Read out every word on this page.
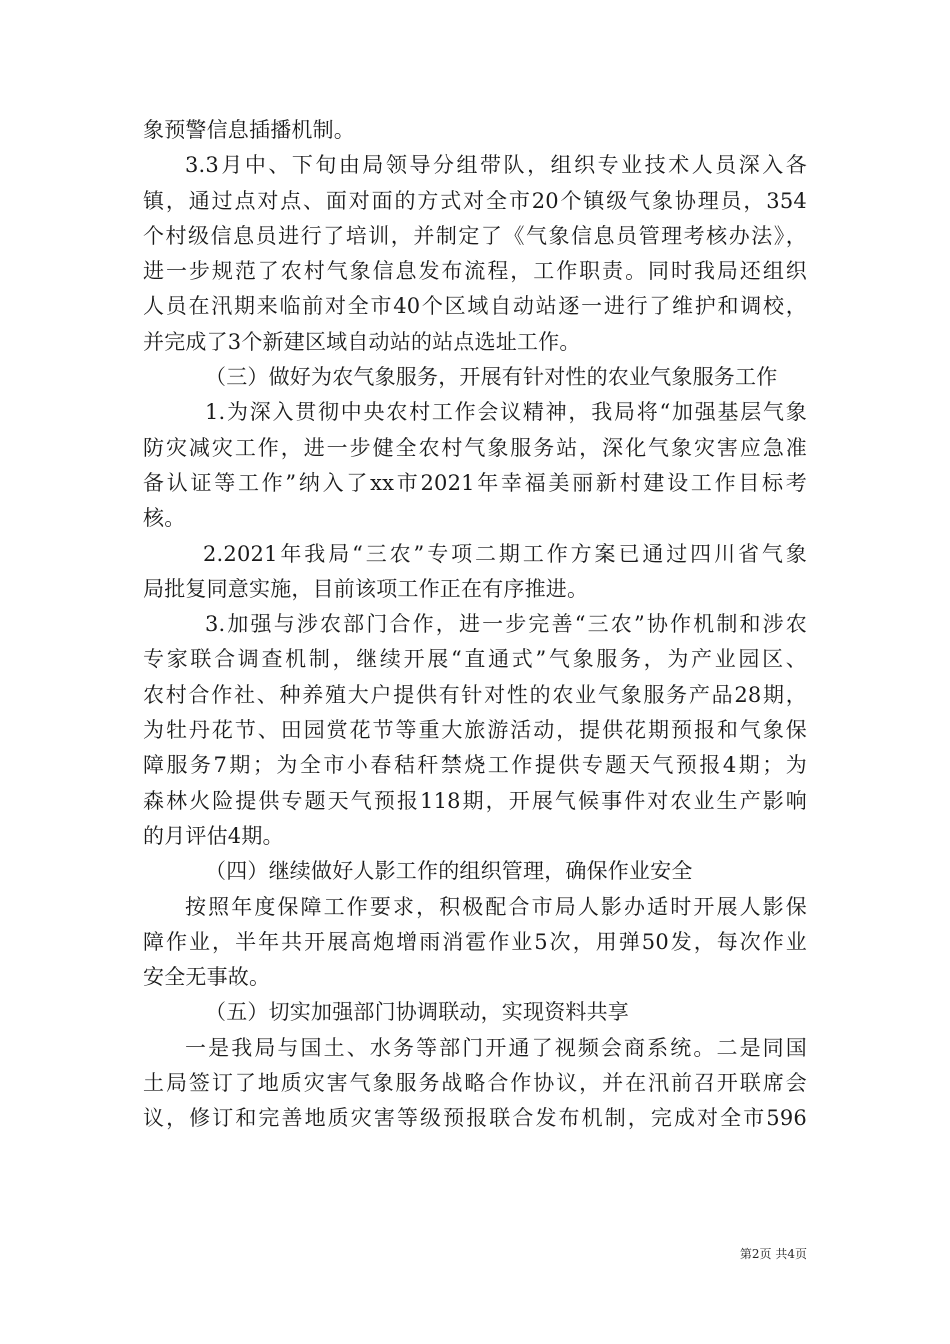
象预警信息插播机制。
3.3月中、下旬由局领导分组带队，组织专业技术人员深入各
镇，通过点对点、面对面的方式对全市20个镇级气象协理员，354
个村级信息员进行了培训，并制定了《气象信息员管理考核办法》，
进一步规范了农村气象信息发布流程，工作职责。同时我局还组织
人员在汛期来临前对全市40个区域自动站逐一进行了维护和调校，
并完成了3个新建区域自动站的站点选址工作。
（三）做好为农气象服务，开展有针对性的农业气象服务工作
1.为深入贯彻中央农村工作会议精神，我局将“加强基层气象
防灾减灾工作，进一步健全农村气象服务站，深化气象灾害应急准
备认证等工作”纳入了xx市2021年幸福美丽新村建设工作目标考
核。
2.2021年我局“三农”专项二期工作方案已通过四川省气象
局批复同意实施，目前该项工作正在有序推进。
3.加强与涉农部门合作，进一步完善“三农”协作机制和涉农
专家联合调查机制，继续开展“直通式”气象服务，为产业园区、
农村合作社、种养殖大户提供有针对性的农业气象服务产品28期，
为牡丹花节、田园赏花节等重大旅游活动，提供花期预报和气象保
障服务7期；为全市小春秸秆禁烧工作提供专题天气预报4期；为
森林火险提供专题天气预报118期，开展气候事件对农业生产影响
的月评估4期。
（四）继续做好人影工作的组织管理，确保作业安全
按照年度保障工作要求，积极配合市局人影办适时开展人影保
障作业，半年共开展高炮增雨消雹作业5次，用弹50发，每次作业
安全无事故。
（五）切实加强部门协调联动，实现资料共享
一是我局与国土、水务等部门开通了视频会商系统。二是同国
土局签订了地质灾害气象服务战略合作协议，并在汛前召开联席会
议，修订和完善地质灾害等级预报联合发布机制，完成对全市596
第2页 共4页
